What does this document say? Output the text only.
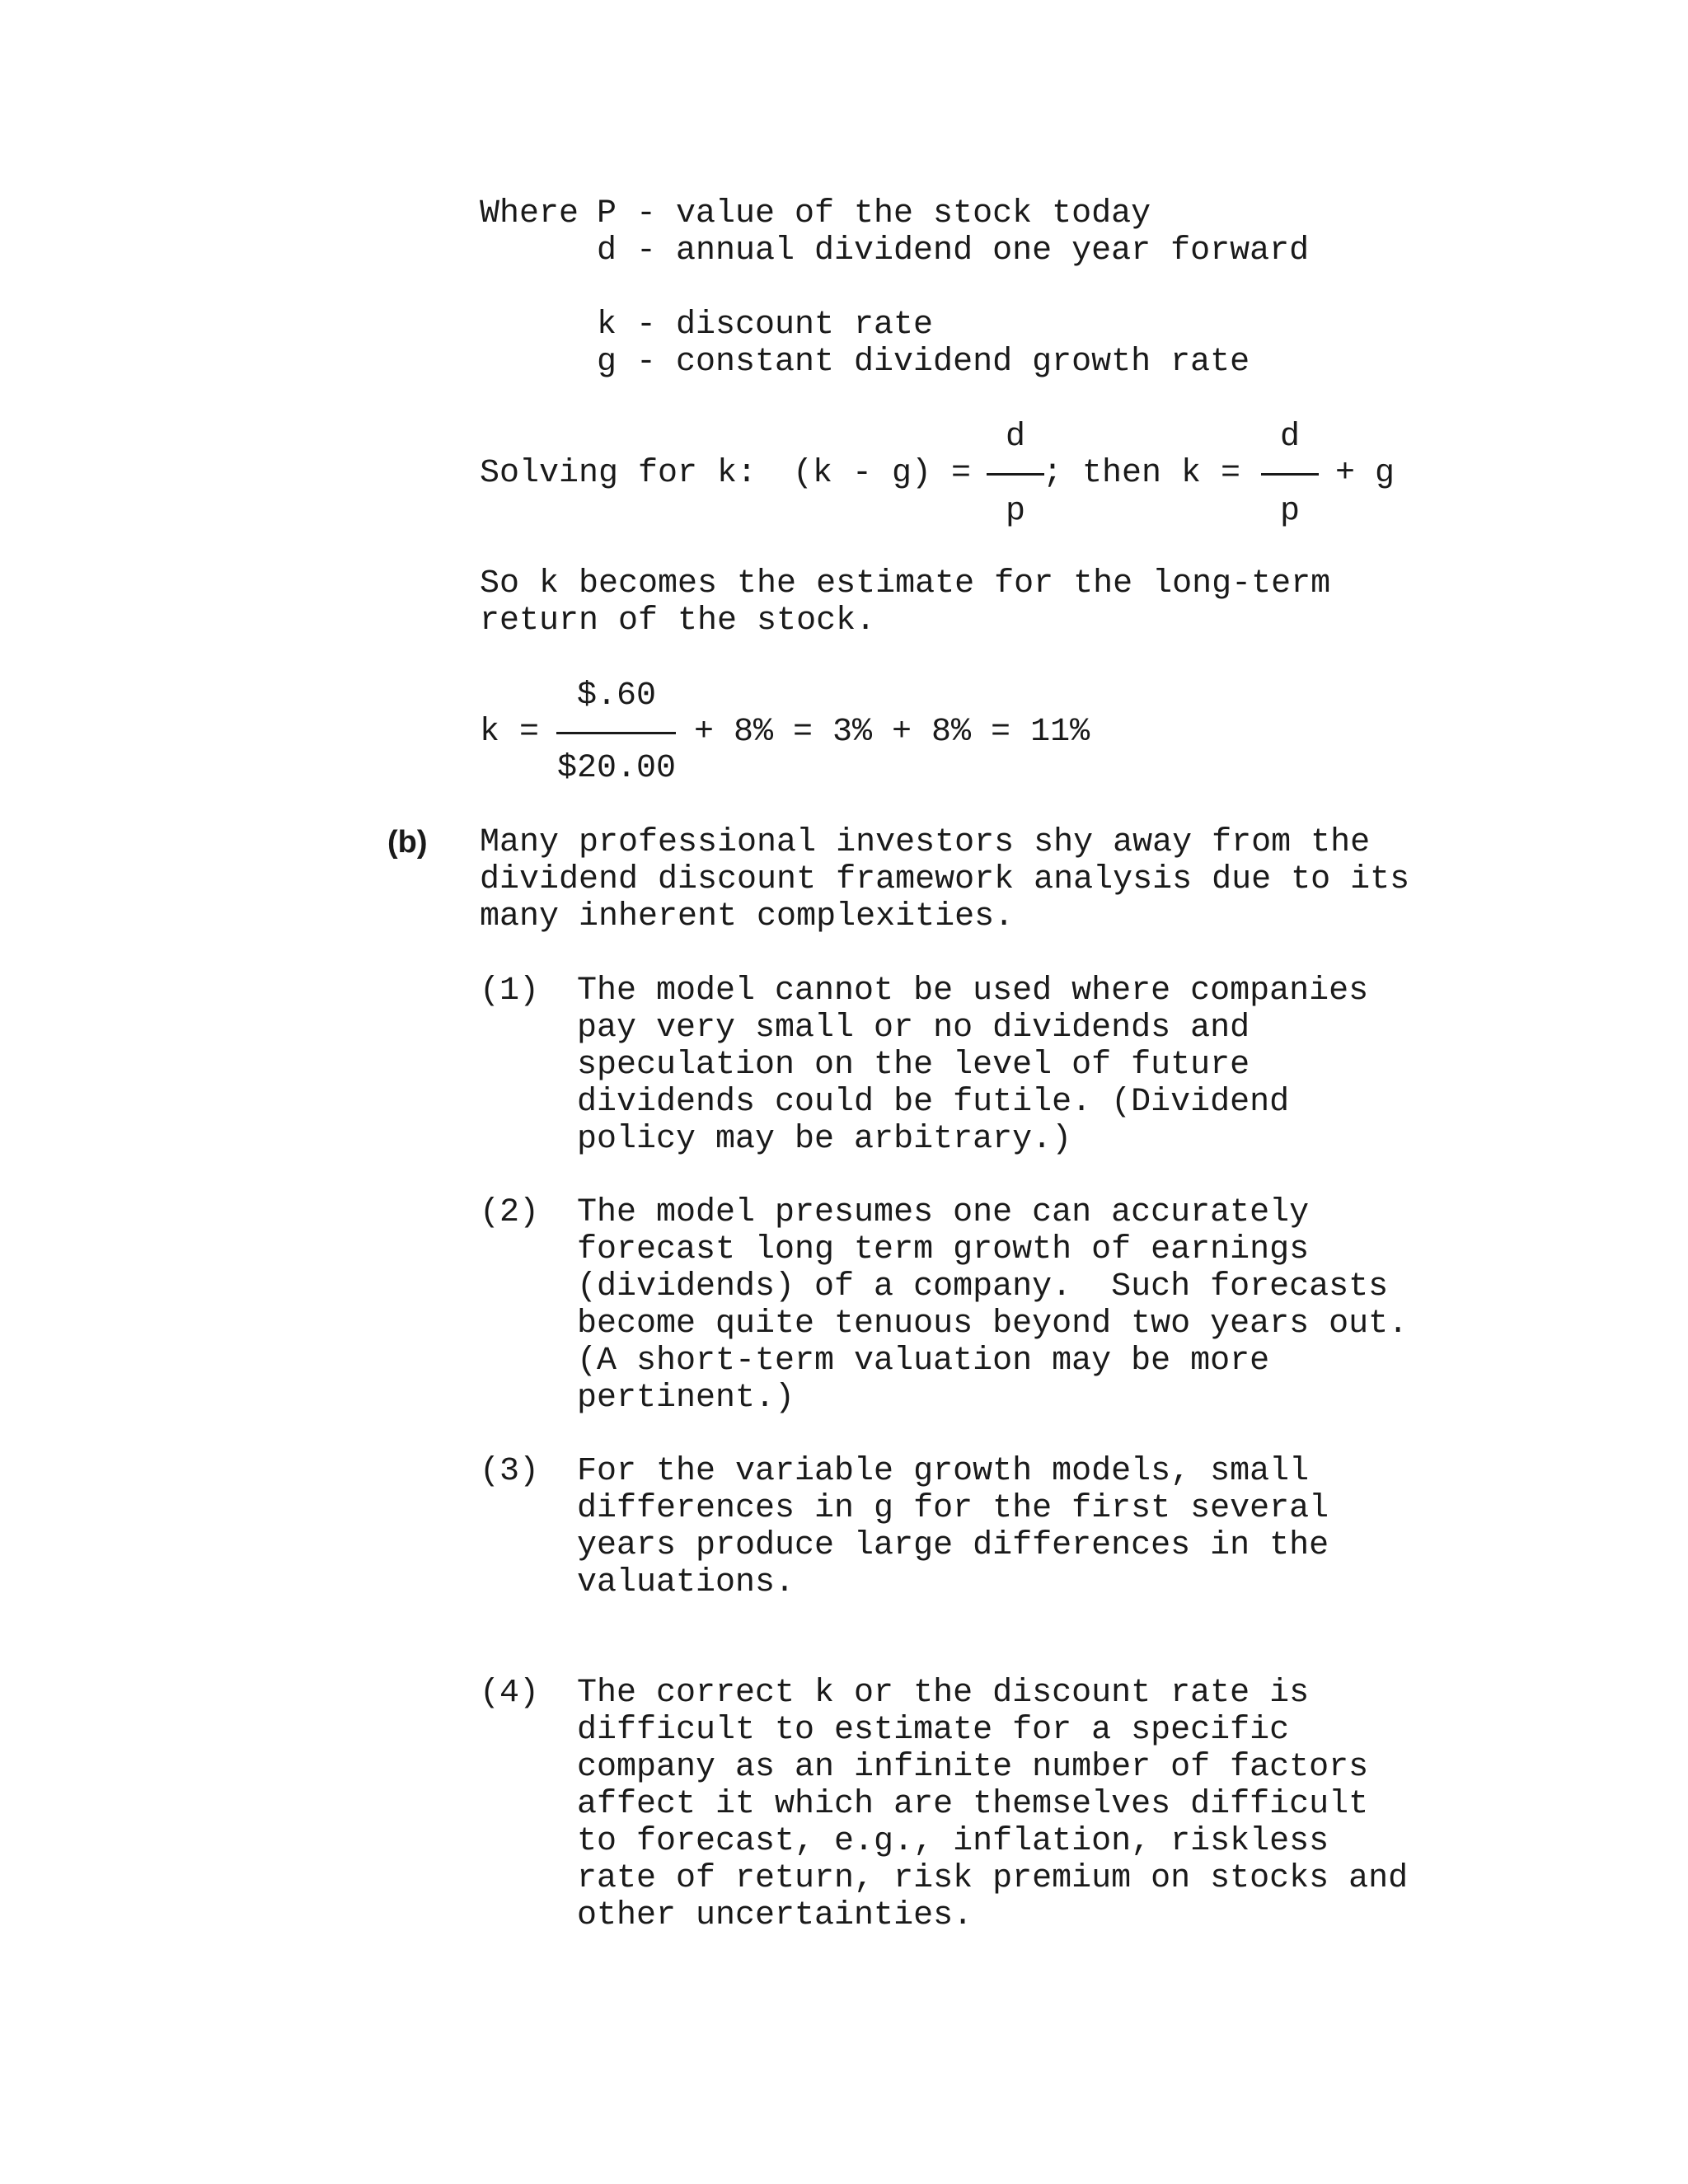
Where P - value of the stock today
d - annual dividend one year forward
k - discount rate
g - constant dividend growth rate
Solving for k: (k - g) =
d
p
; then k =
d
p
+ g
So k becomes the estimate for the long-term
return of the stock.
k =
$.60
$20.00
+ 8% = 3% + 8% = 11%
(b) Many professional investors shy away from the
dividend discount framework analysis due to its
many inherent complexities.
(1) The model cannot be used where companies
pay very small or no dividends and
speculation on the level of future
dividends could be futile. (Dividend
policy may be arbitrary.)
(2) The model presumes one can accurately
forecast long term growth of earnings
(dividends) of a company.  Such forecasts
become quite tenuous beyond two years out.
(A short-term valuation may be more
pertinent.)
(3) For the variable growth models, small
differences in g for the first several
years produce large differences in the
valuations.
(4) The correct k or the discount rate is
difficult to estimate for a specific
company as an infinite number of factors
affect it which are themselves difficult
to forecast, e.g., inflation, riskless
rate of return, risk premium on stocks and
other uncertainties.
